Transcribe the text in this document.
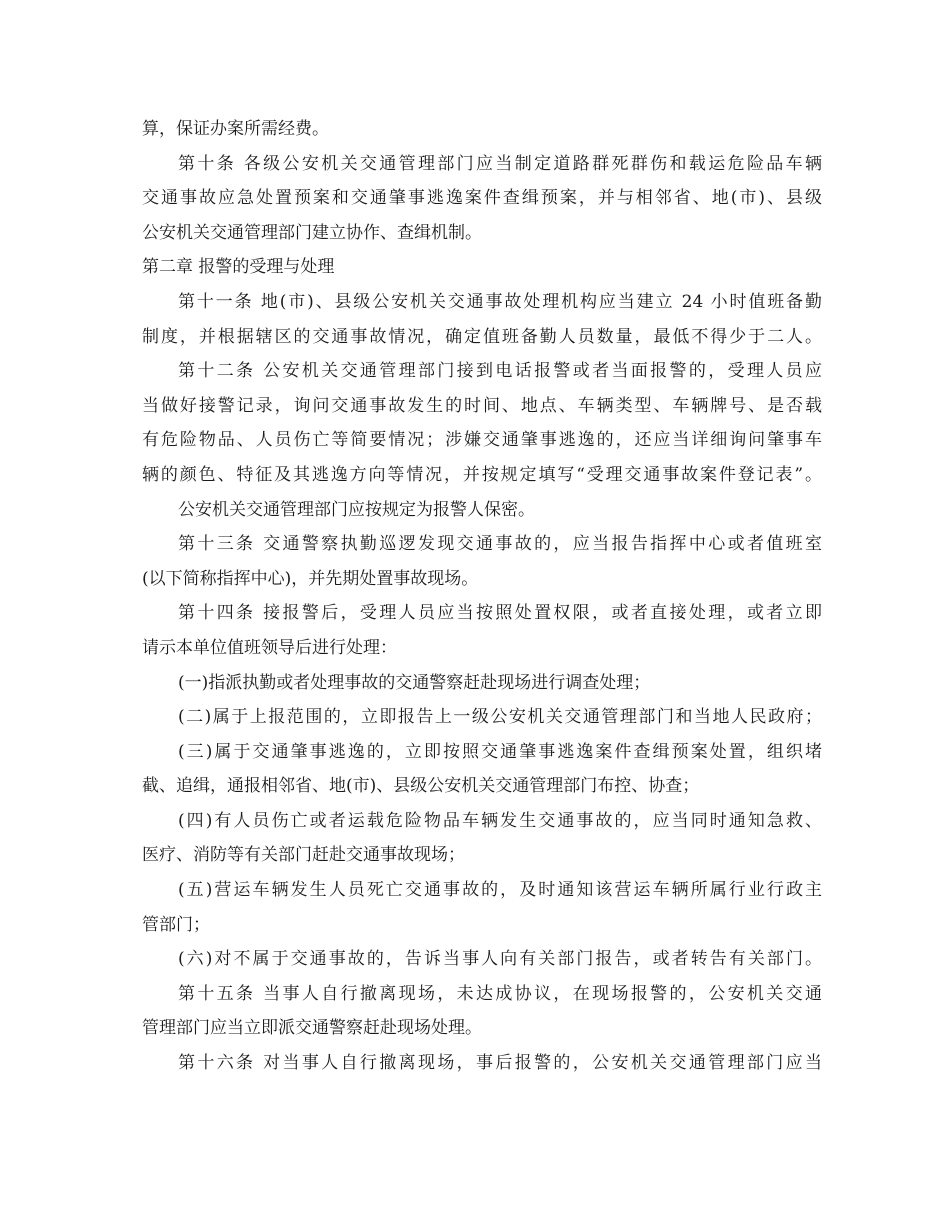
算，保证办案所需经费。
第十条 各级公安机关交通管理部门应当制定道路群死群伤和载运危险品车辆
交通事故应急处置预案和交通肇事逃逸案件查缉预案，并与相邻省、地(市)、县级
公安机关交通管理部门建立协作、查缉机制。
第二章 报警的受理与处理
第十一条 地(市)、县级公安机关交通事故处理机构应当建立 24 小时值班备勤
制度，并根据辖区的交通事故情况，确定值班备勤人员数量，最低不得少于二人。
第十二条 公安机关交通管理部门接到电话报警或者当面报警的，受理人员应
当做好接警记录，询问交通事故发生的时间、地点、车辆类型、车辆牌号、是否载
有危险物品、人员伤亡等简要情况；涉嫌交通肇事逃逸的，还应当详细询问肇事车
辆的颜色、特征及其逃逸方向等情况，并按规定填写“受理交通事故案件登记表”。
公安机关交通管理部门应按规定为报警人保密。
第十三条 交通警察执勤巡逻发现交通事故的，应当报告指挥中心或者值班室
(以下简称指挥中心)，并先期处置事故现场。
第十四条 接报警后，受理人员应当按照处置权限，或者直接处理，或者立即
请示本单位值班领导后进行处理：
(一)指派执勤或者处理事故的交通警察赶赴现场进行调查处理；
(二)属于上报范围的，立即报告上一级公安机关交通管理部门和当地人民政府；
(三)属于交通肇事逃逸的，立即按照交通肇事逃逸案件查缉预案处置，组织堵
截、追缉，通报相邻省、地(市)、县级公安机关交通管理部门布控、协查；
(四)有人员伤亡或者运载危险物品车辆发生交通事故的，应当同时通知急救、
医疗、消防等有关部门赶赴交通事故现场；
(五)营运车辆发生人员死亡交通事故的，及时通知该营运车辆所属行业行政主
管部门；
(六)对不属于交通事故的，告诉当事人向有关部门报告，或者转告有关部门。
第十五条 当事人自行撤离现场，未达成协议，在现场报警的，公安机关交通
管理部门应当立即派交通警察赶赴现场处理。
第十六条 对当事人自行撤离现场，事后报警的，公安机关交通管理部门应当
